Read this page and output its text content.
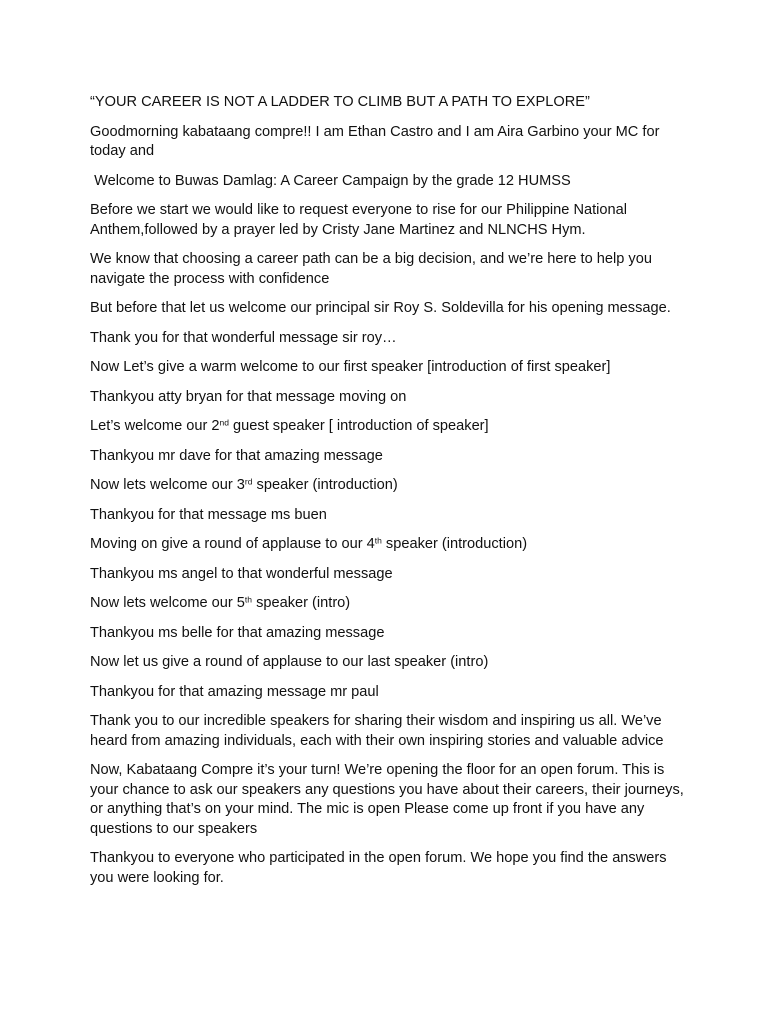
“YOUR CAREER IS NOT A LADDER TO CLIMB BUT A PATH TO EXPLORE”

Goodmorning kabataang compre!! I am Ethan Castro and I am Aira Garbino your MC for today and

Welcome to Buwas Damlag: A Career Campaign by the grade 12 HUMSS

Before we start we would like to request everyone to rise for our Philippine National Anthem,followed by a prayer led by Cristy Jane Martinez and NLNCHS Hym.

We know that choosing a career path can be a big decision, and we’re here to help you navigate the process with confidence

But before that let us welcome our principal sir Roy S. Soldevilla for his opening message.

Thank you for that wonderful message sir roy…

Now Let’s give a warm welcome to our first speaker [introduction of first speaker]

Thankyou atty bryan for that message moving on

Let’s welcome our 2nd guest speaker [ introduction of speaker]

Thankyou mr dave for that amazing message

Now lets welcome our 3rd speaker (introduction)

Thankyou for that message ms buen

Moving on give a round of applause to our 4th speaker (introduction)

Thankyou ms angel to that wonderful message

Now lets welcome our 5th speaker (intro)

Thankyou ms belle for that amazing message

Now let us give a round of applause to our last speaker (intro)

Thankyou for that amazing message mr paul

Thank you to our incredible speakers for sharing their wisdom and inspiring us all. We’ve heard from amazing individuals, each with their own inspiring stories and valuable advice

Now, Kabataang Compre it’s your turn! We’re opening the floor for an open forum. This is your chance to ask our speakers any questions you have about their careers, their journeys, or anything that’s on your mind. The mic is open Please come up front if you have any questions to our speakers

Thankyou to everyone who participated in the open forum. We hope you find the answers you were looking for.
